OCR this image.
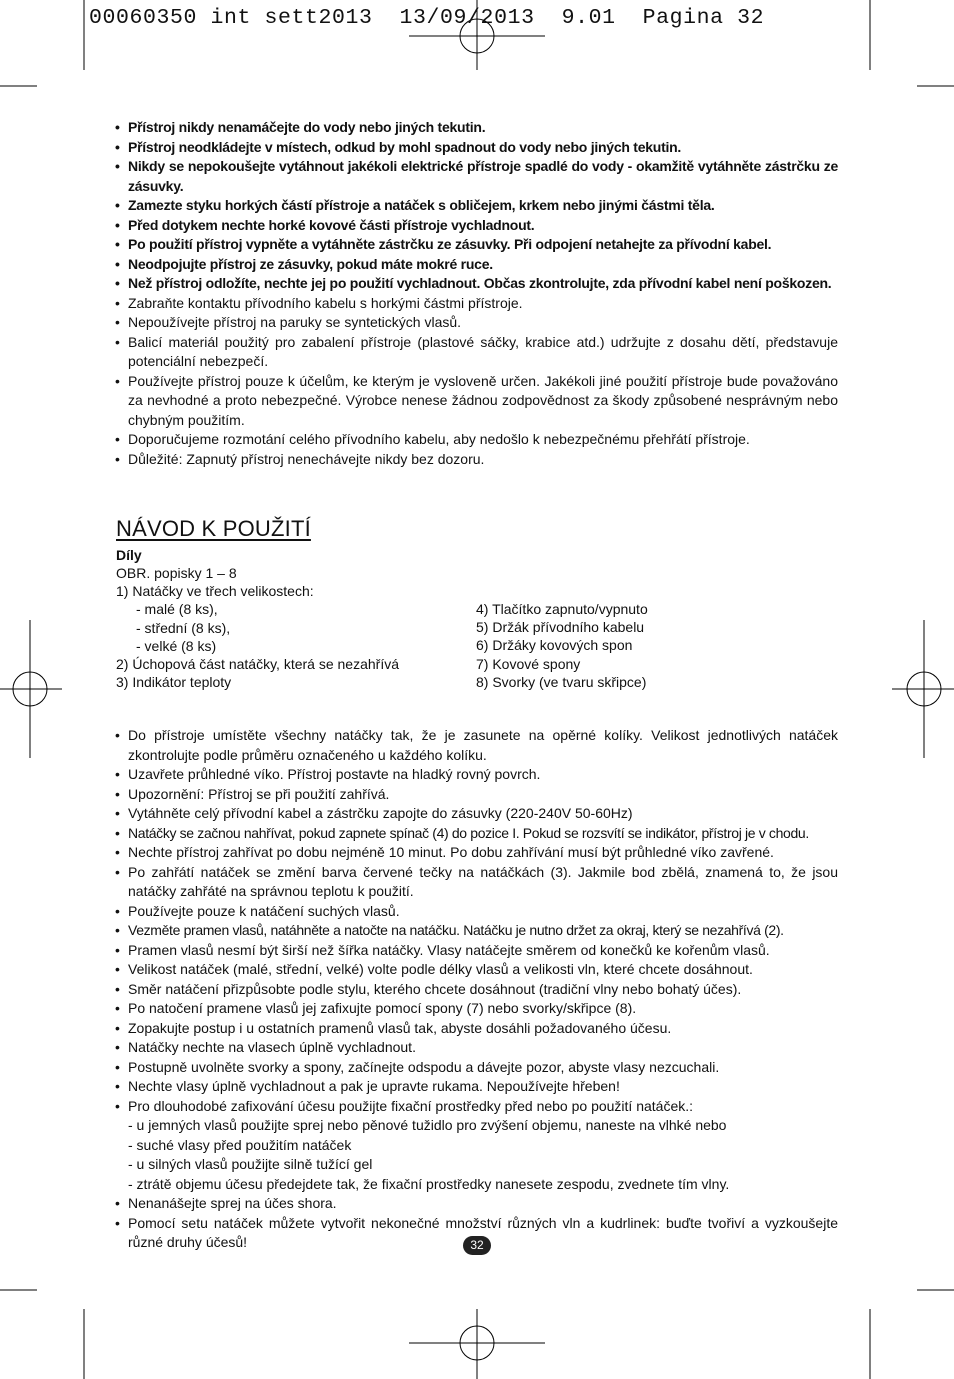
00060350 int sett2013  13/09/2013  9.01  Pagina 32
• Přístroj nikdy nenamáčejte do vody nebo jiných tekutin.
• Přístroj neodkládejte v místech, odkud by mohl spadnout do vody nebo jiných tekutin.
• Nikdy se nepokoušejte vytáhnout jakékoli elektrické přístroje spadlé do vody - okamžitě vytáhněte zástrčku ze zásuvky.
• Zamezte styku horkých částí přístroje a natáček s obličejem, krkem nebo jinými částmi těla.
• Před dotykem nechte horké kovové části přístroje vychladnout.
• Po použití přístroj vypněte a vytáhněte zástrčku ze zásuvky. Při odpojení netahejte za přívodní kabel.
• Neodpojujte přístroj ze zásuvky, pokud máte mokré ruce.
• Než přístroj odložíte, nechte jej po použití vychladnout. Občas zkontrolujte, zda přívodní kabel není poškozen.
• Zabraňte kontaktu přívodního kabelu s horkými částmi přístroje.
• Nepoužívejte přístroj na paruky se syntetických vlasů.
• Balicí materiál použitý pro zabalení přístroje (plastové sáčky, krabice atd.) udržujte z dosahu dětí, představuje potenciální nebezpečí.
• Používejte přístroj pouze k účelům, ke kterým je vysloveně určen. Jakékoli jiné použití přístroje bude považováno za nevhodné a proto nebezpečné. Výrobce nenese žádnou zodpovědnost za škody způsobené nesprávným nebo chybným použitím.
• Doporučujeme rozmotání celého přívodního kabelu, aby nedošlo k nebezpečnému přehřátí přístroje.
• Důležité: Zapnutý přístroj nenechávejte nikdy bez dozoru.
NÁVOD K POUŽITÍ
Díly
OBR. popisky 1 – 8
1) Natáčky ve třech velikostech:
- malé (8 ks),
- střední (8 ks),
- velké (8 ks)
2) Úchopová část natáčky, která se nezahřívá
3) Indikátor teploty
4) Tlačítko zapnuto/vypnuto
5) Držák přívodního kabelu
6) Držáky kovových spon
7) Kovové spony
8) Svorky (ve tvaru skřipce)
• Do přístroje umístěte všechny natáčky tak, že je zasunete na opěrné kolíky. Velikost jednotlivých natáček zkontrolujte podle průměru označeného u každého kolíku.
• Uzavřete průhledné víko. Přístroj postavte na hladký rovný povrch.
• Upozornění: Přístroj se při použití zahřívá.
• Vytáhněte celý přívodní kabel a zástrčku zapojte do zásuvky (220-240V 50-60Hz)
• Natáčky se začnou nahřívat, pokud zapnete spínač (4) do pozice I. Pokud se rozsvítí se indikátor, přístroj je v chodu.
• Nechte přístroj zahřívat po dobu nejméně 10 minut. Po dobu zahřívání musí být průhledné víko zavřené.
• Po zahřátí natáček se změní barva červené tečky na natáčkách (3). Jakmile bod zbělá, znamená to, že jsou natáčky zahřáté na správnou teplotu k použití.
• Používejte pouze k natáčení suchých vlasů.
• Vezměte pramen vlasů, natáhněte a natočte na natáčku. Natáčku je nutno držet za okraj, který se nezahřívá (2).
• Pramen vlasů nesmí být širší než šířka natáčky. Vlasy natáčejte směrem od konečků ke kořenům vlasů.
• Velikost natáček (malé, střední, velké) volte podle délky vlasů a velikosti vln, které chcete dosáhnout.
• Směr natáčení přizpůsobte podle stylu, kterého chcete dosáhnout (tradiční vlny nebo bohatý účes).
• Po natočení pramene vlasů jej zafixujte pomocí spony (7) nebo svorky/skřipce (8).
• Zopakujte postup i u ostatních pramenů vlasů tak, abyste dosáhli požadovaného účesu.
• Natáčky nechte na vlasech úplně vychladnout.
• Postupně uvolněte svorky a spony, začínejte odspodu a dávejte pozor, abyste vlasy nezcuchali.
• Nechte vlasy úplně vychladnout a pak je upravte rukama. Nepoužívejte hřeben!
• Pro dlouhodobé zafixování účesu použijte fixační prostředky před nebo po použití natáček.:
- u jemných vlasů použijte sprej nebo pěnové tužidlo pro zvýšení objemu, naneste na vlhké nebo
- suché vlasy před použitím natáček
- u silných vlasů použijte silně tužící gel
- ztrátě objemu účesu předejdete tak, že fixační prostředky nanesete zespodu, zvednete tím vlny.
• Nenanášejte sprej na účes shora.
• Pomocí setu natáček můžete vytvořit nekonečné množství různých vln a kudrlinek: buďte tvořiví a vyzkoušejte různé druhy účesů!	32
